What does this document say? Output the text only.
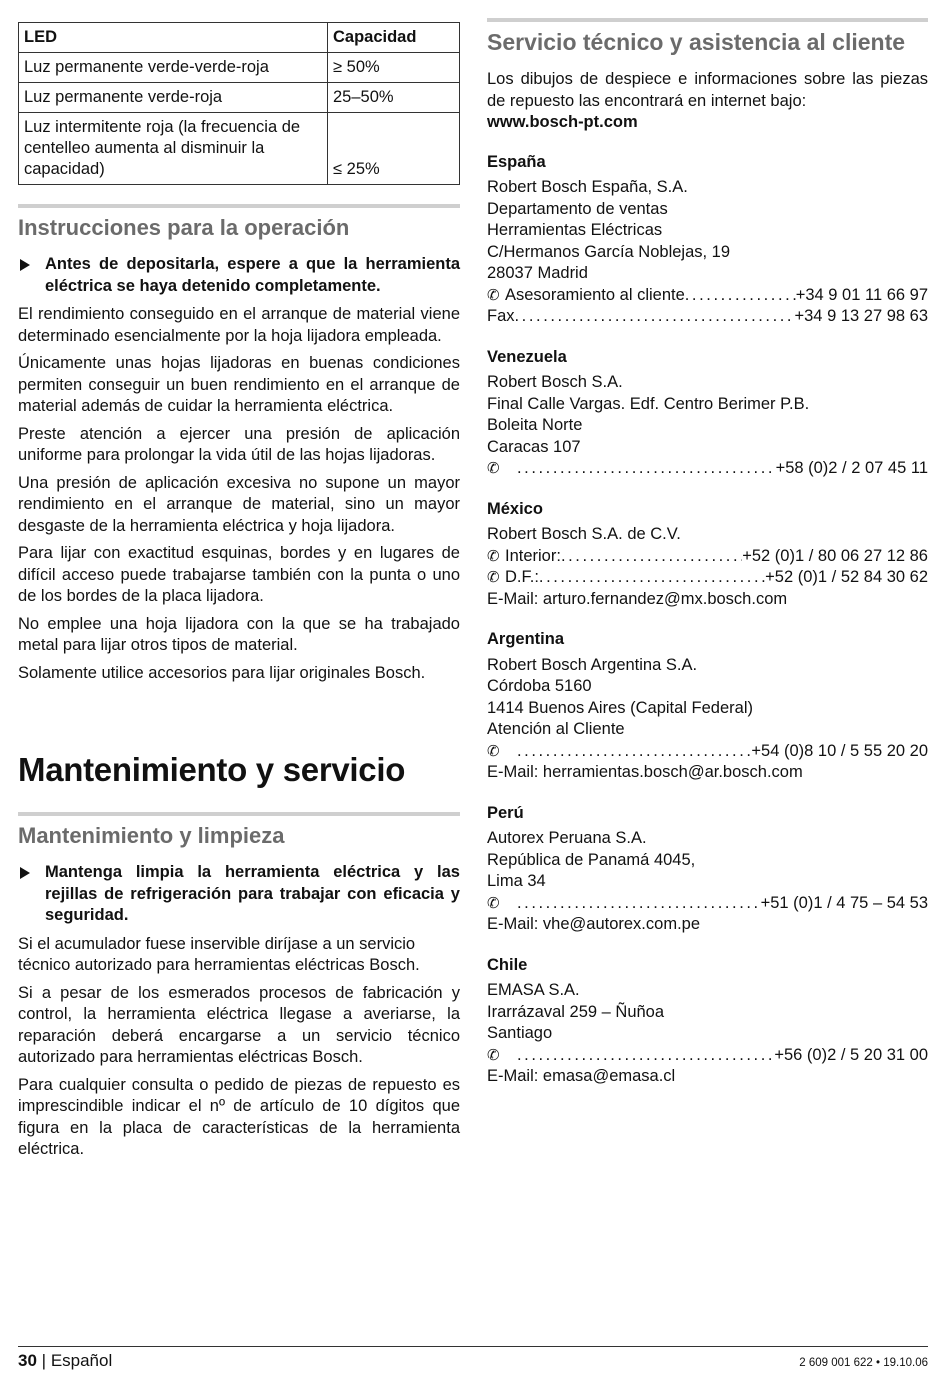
LED	Capacidad
Luz permanente verde-verde-roja	≥ 50%
Luz permanente verde-roja	25–50%
Luz intermitente roja (la frecuencia de centelleo aumenta al disminuir la capacidad)	≤ 25%
Instrucciones para la operación
Antes de depositarla, espere a que la herramienta eléctrica se haya detenido completamente.

El rendimiento conseguido en el arranque de material viene determinado esencialmente por la hoja lijadora empleada.

Únicamente unas hojas lijadoras en buenas condiciones permiten conseguir un buen rendimiento en el arranque de material además de cuidar la herramienta eléctrica.

Preste atención a ejercer una presión de aplicación uniforme para prolongar la vida útil de las hojas lijadoras.

Una presión de aplicación excesiva no supone un mayor rendimiento en el arranque de material, sino un mayor desgaste de la herramienta eléctrica y hoja lijadora.

Para lijar con exactitud esquinas, bordes y en lugares de difícil acceso puede trabajarse también con la punta o uno de los bordes de la placa lijadora.

No emplee una hoja lijadora con la que se ha trabajado metal para lijar otros tipos de material.

Solamente utilice accesorios para lijar originales Bosch.

Mantenimiento y servicio
Mantenimiento y limpieza
Mantenga limpia la herramienta eléctrica y las rejillas de refrigeración para trabajar con eficacia y seguridad.

Si el acumulador fuese inservible diríjase a un servicio técnico autorizado para herramientas eléctricas Bosch.

Si a pesar de los esmerados procesos de fabricación y control, la herramienta eléctrica llegase a averiarse, la reparación deberá encargarse a un servicio técnico autorizado para herramientas eléctricas Bosch.

Para cualquier consulta o pedido de piezas de repuesto es imprescindible indicar el nº de artículo de 10 dígitos que figura en la placa de características de la herramienta eléctrica.

Servicio técnico y asistencia al cliente

Los dibujos de despiece e informaciones sobre las piezas de repuesto las encontrará en internet bajo:

www.bosch-pt.com

España
Robert Bosch España, S.A.
Departamento de ventas
Herramientas Eléctricas
C/Hermanos García Noblejas, 19
28037 Madrid
✆ Asesoramiento al cliente . . .	+34 9 01 11 66 97
Fax . . .	+34 9 13 27 98 63
Venezuela
Robert Bosch S.A.
Final Calle Vargas. Edf. Centro Berimer P.B.
Boleita Norte
Caracas 107
✆ . . .	+58 (0)2 / 2 07 45 11
México
Robert Bosch S.A. de C.V.
✆ Interior: . . .	+52 (0)1 / 80 06 27 12 86
✆ D.F.: . . .	+52 (0)1 / 52 84 30 62
E-Mail: arturo.fernandez@mx.bosch.com
Argentina
Robert Bosch Argentina S.A.
Córdoba 5160
1414 Buenos Aires (Capital Federal)
Atención al Cliente
✆ . . .	+54 (0)8 10 / 5 55 20 20
E-Mail: herramientas.bosch@ar.bosch.com
Perú
Autorex Peruana S.A.
República de Panamá 4045,
Lima 34
✆ . . .	+51 (0)1 / 4 75 – 54 53
E-Mail: vhe@autorex.com.pe
Chile
EMASA S.A.
Irarrázaval 259 – Ñuñoa
Santiago
✆ . . .	+56 (0)2 / 5 20 31 00
E-Mail: emasa@emasa.cl
30 | Español	2 609 001 622 • 19.10.06
